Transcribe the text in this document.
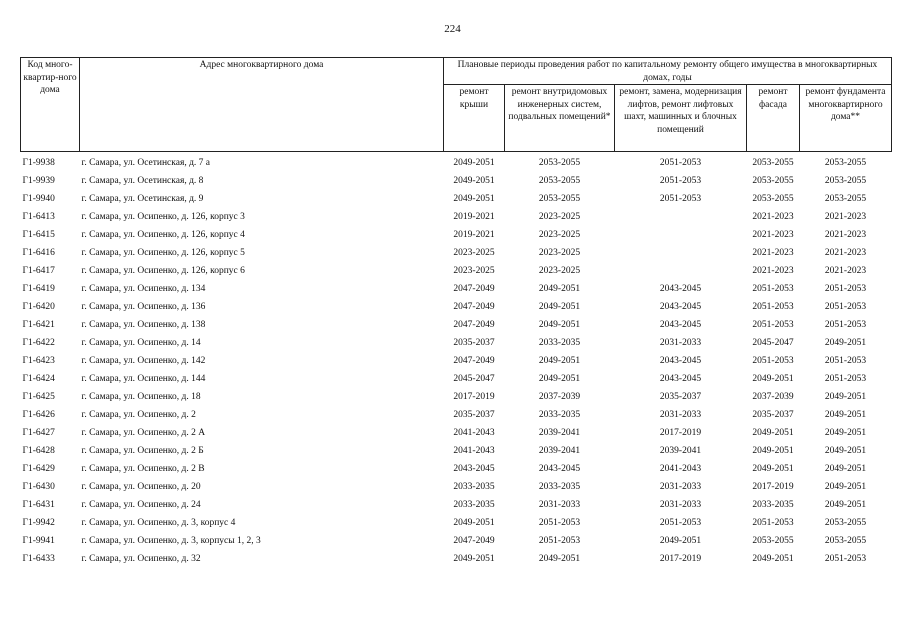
224
Код много-квартир-ного дома	Адрес многоквартирного дома	Плановые периоды проведения работ по капитальному ремонту общего имущества в многоквартирных домах, годы				
		ремонт крыши	ремонт внутридомовых инженерных систем, подвальных помещений*	ремонт, замена, модернизация лифтов, ремонт лифтовых шахт, машинных и блочных помещений	ремонт фасада	ремонт фундамента многоквартирного дома**
Г1-9938	г. Самара, ул. Осетинская, д. 7 а	2049-2051	2053-2055	2051-2053	2053-2055	2053-2055
Г1-9939	г. Самара, ул. Осетинская, д. 8	2049-2051	2053-2055	2051-2053	2053-2055	2053-2055
Г1-9940	г. Самара, ул. Осетинская, д. 9	2049-2051	2053-2055	2051-2053	2053-2055	2053-2055
Г1-6413	г. Самара, ул. Осипенко, д. 126, корпус 3	2019-2021	2023-2025		2021-2023	2021-2023
Г1-6415	г. Самара, ул. Осипенко, д. 126, корпус 4	2019-2021	2023-2025		2021-2023	2021-2023
Г1-6416	г. Самара, ул. Осипенко, д. 126, корпус 5	2023-2025	2023-2025		2021-2023	2021-2023
Г1-6417	г. Самара, ул. Осипенко, д. 126, корпус 6	2023-2025	2023-2025		2021-2023	2021-2023
Г1-6419	г. Самара, ул. Осипенко, д. 134	2047-2049	2049-2051	2043-2045	2051-2053	2051-2053
Г1-6420	г. Самара, ул. Осипенко, д. 136	2047-2049	2049-2051	2043-2045	2051-2053	2051-2053
Г1-6421	г. Самара, ул. Осипенко, д. 138	2047-2049	2049-2051	2043-2045	2051-2053	2051-2053
Г1-6422	г. Самара, ул. Осипенко, д. 14	2035-2037	2033-2035	2031-2033	2045-2047	2049-2051
Г1-6423	г. Самара, ул. Осипенко, д. 142	2047-2049	2049-2051	2043-2045	2051-2053	2051-2053
Г1-6424	г. Самара, ул. Осипенко, д. 144	2045-2047	2049-2051	2043-2045	2049-2051	2051-2053
Г1-6425	г. Самара, ул. Осипенко, д. 18	2017-2019	2037-2039	2035-2037	2037-2039	2049-2051
Г1-6426	г. Самара, ул. Осипенко, д. 2	2035-2037	2033-2035	2031-2033	2035-2037	2049-2051
Г1-6427	г. Самара, ул. Осипенко, д. 2 А	2041-2043	2039-2041	2017-2019	2049-2051	2049-2051
Г1-6428	г. Самара, ул. Осипенко, д. 2 Б	2041-2043	2039-2041	2039-2041	2049-2051	2049-2051
Г1-6429	г. Самара, ул. Осипенко, д. 2 В	2043-2045	2043-2045	2041-2043	2049-2051	2049-2051
Г1-6430	г. Самара, ул. Осипенко, д. 20	2033-2035	2033-2035	2031-2033	2017-2019	2049-2051
Г1-6431	г. Самара, ул. Осипенко, д. 24	2033-2035	2031-2033	2031-2033	2033-2035	2049-2051
Г1-9942	г. Самара, ул. Осипенко, д. 3, корпус 4	2049-2051	2051-2053	2051-2053	2051-2053	2053-2055
Г1-9941	г. Самара, ул. Осипенко, д. 3, корпусы 1, 2, 3	2047-2049	2051-2053	2049-2051	2053-2055	2053-2055
Г1-6433	г. Самара, ул. Осипенко, д. 32	2049-2051	2049-2051	2017-2019	2049-2051	2051-2053
